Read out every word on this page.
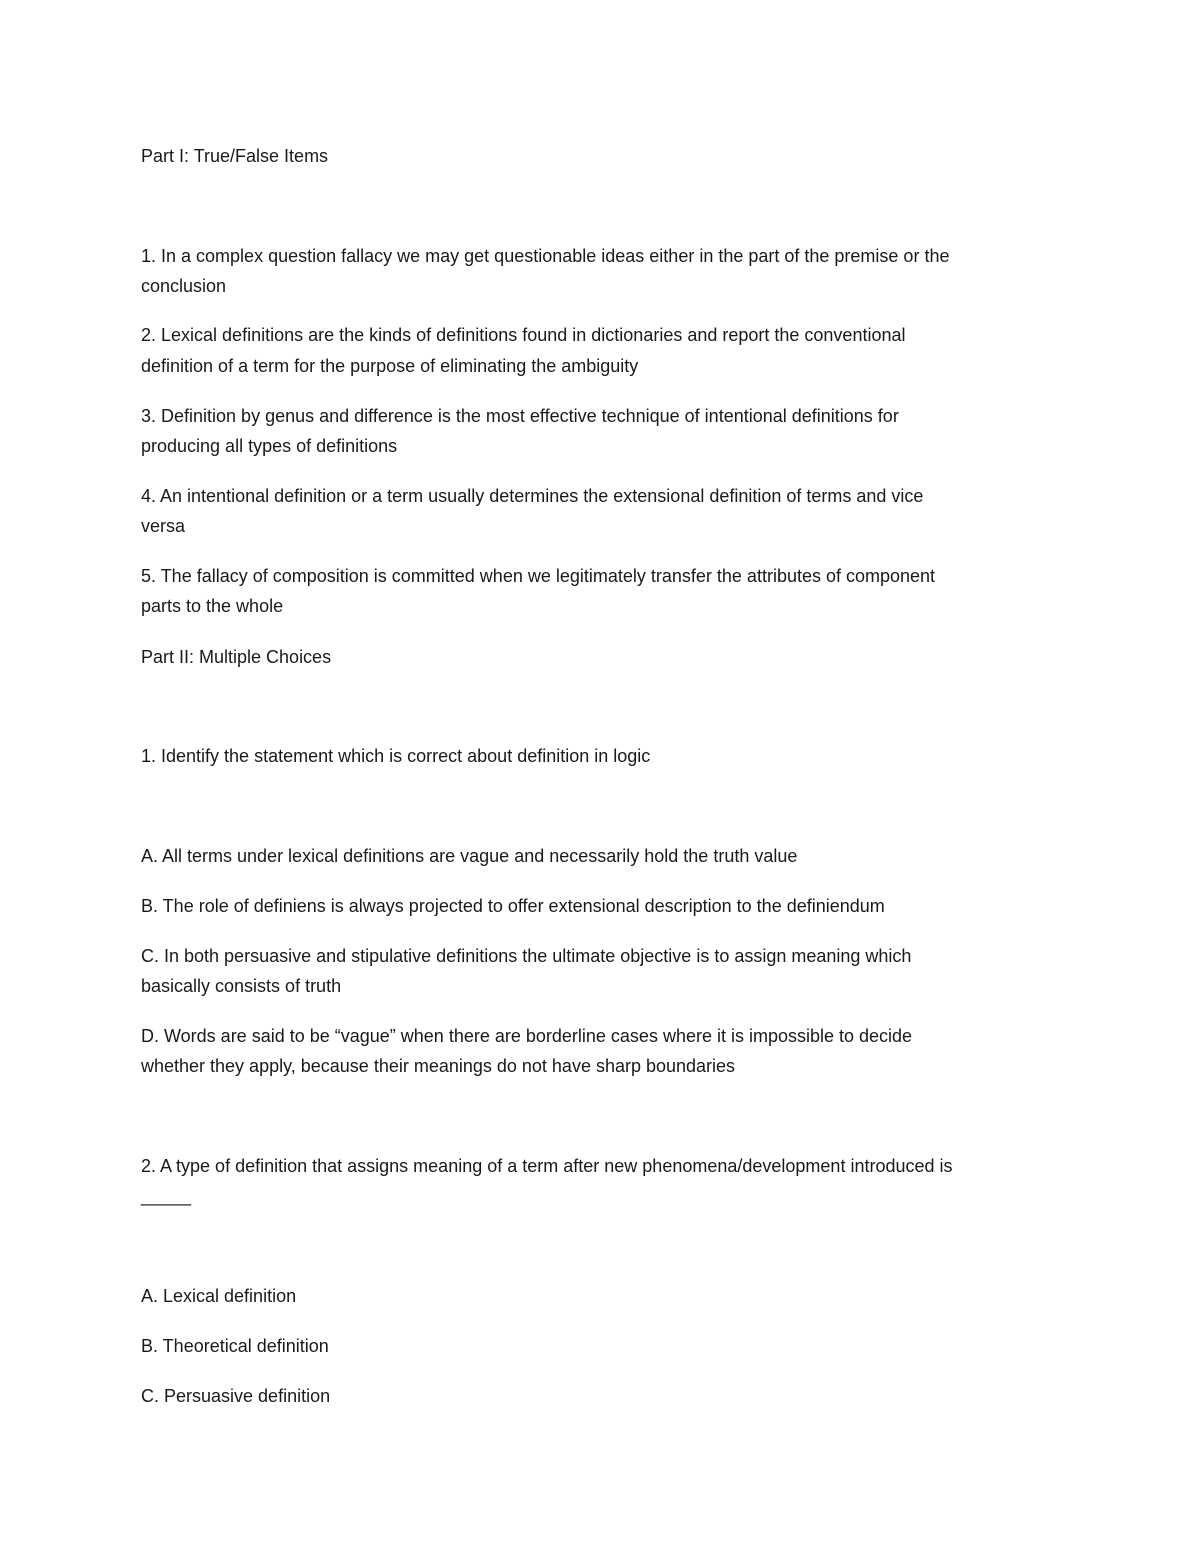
Part I: True/False Items

1. In a complex question fallacy we may get questionable ideas either in the part of the premise or the

conclusion

2. Lexical definitions are the kinds of definitions found in dictionaries and report the conventional

definition of a term for the purpose of eliminating the ambiguity

3. Definition by genus and difference is the most effective technique of intentional definitions for

producing all types of definitions

4. An intentional definition or a term usually determines the extensional definition of terms and vice

versa

5. The fallacy of composition is committed when we legitimately transfer the attributes of component

parts to the whole

Part II: Multiple Choices

1. Identify the statement which is correct about definition in logic

A. All terms under lexical definitions are vague and necessarily hold the truth value

B. The role of definiens is always projected to offer extensional description to the definiendum

C. In both persuasive and stipulative definitions the ultimate objective is to assign meaning which

basically consists of truth

D. Words are said to be “vague” when there are borderline cases where it is impossible to decide

whether they apply, because their meanings do not have sharp boundaries

2. A type of definition that assigns meaning of a term after new phenomena/development introduced is

_____

A. Lexical definition

B. Theoretical definition

C. Persuasive definition
